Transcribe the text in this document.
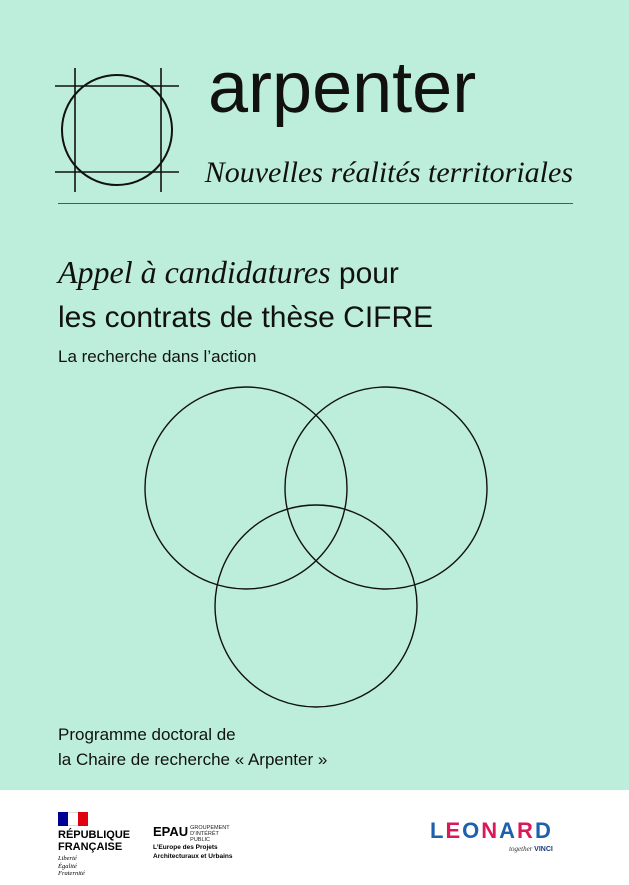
arpenter
Nouvelles réalités territoriales
Appel à candidatures pour
les contrats de thèse CIFRE
La recherche dans l’action
Programme doctoral de
la Chaire de recherche « Arpenter »
RÉPUBLIQUE
FRANÇAISE
Liberté
Égalité
Fraternité
EPAU GROUPEMENT D’INTÉRÊT PUBLIC
L’Europe des Projets
Architecturaux et Urbains
LEONARD
together VINCI
